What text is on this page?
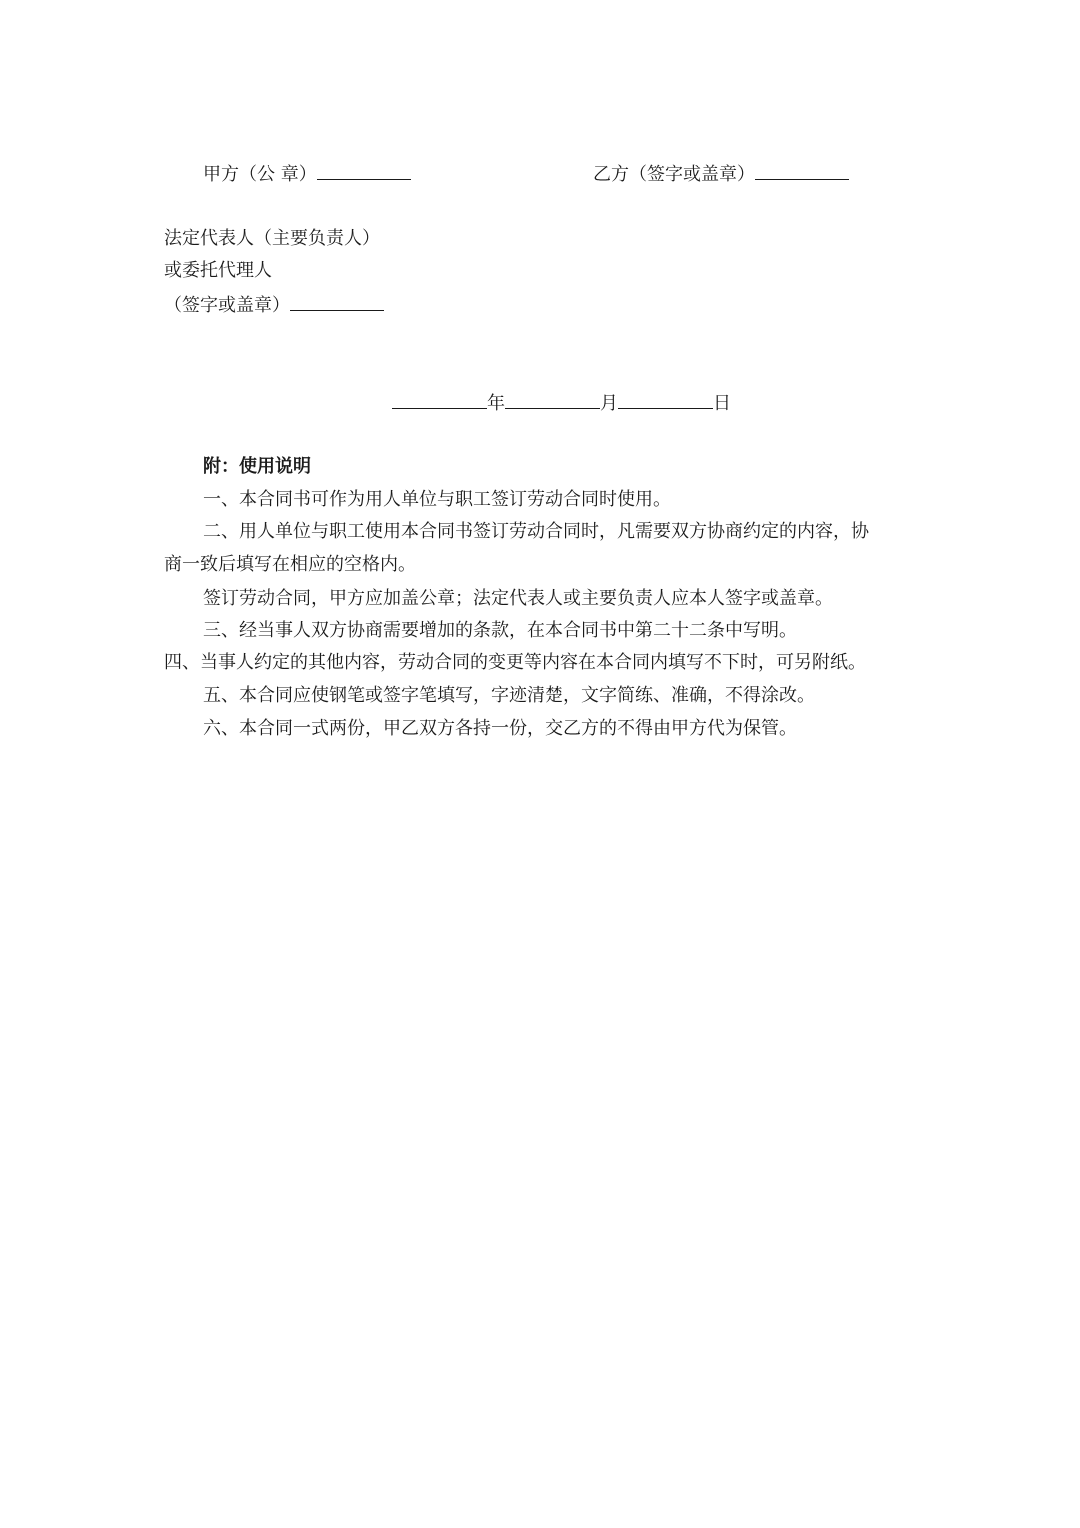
甲方（公 章）	乙方（签字或盖章）
法定代表人（主要负责人）
或委托代理人
（签字或盖章）
年	月	日
附：使用说明
一、本合同书可作为用人单位与职工签订劳动合同时使用。
二、用人单位与职工使用本合同书签订劳动合同时，凡需要双方协商约定的内容，协
商一致后填写在相应的空格内。
签订劳动合同，甲方应加盖公章；法定代表人或主要负责人应本人签字或盖章。
三、经当事人双方协商需要增加的条款，在本合同书中第二十二条中写明。
四、当事人约定的其他内容，劳动合同的变更等内容在本合同内填写不下时，可另附纸。
五、本合同应使钢笔或签字笔填写，字迹清楚，文字简练、准确，不得涂改。
六、本合同一式两份，甲乙双方各持一份，交乙方的不得由甲方代为保管。
